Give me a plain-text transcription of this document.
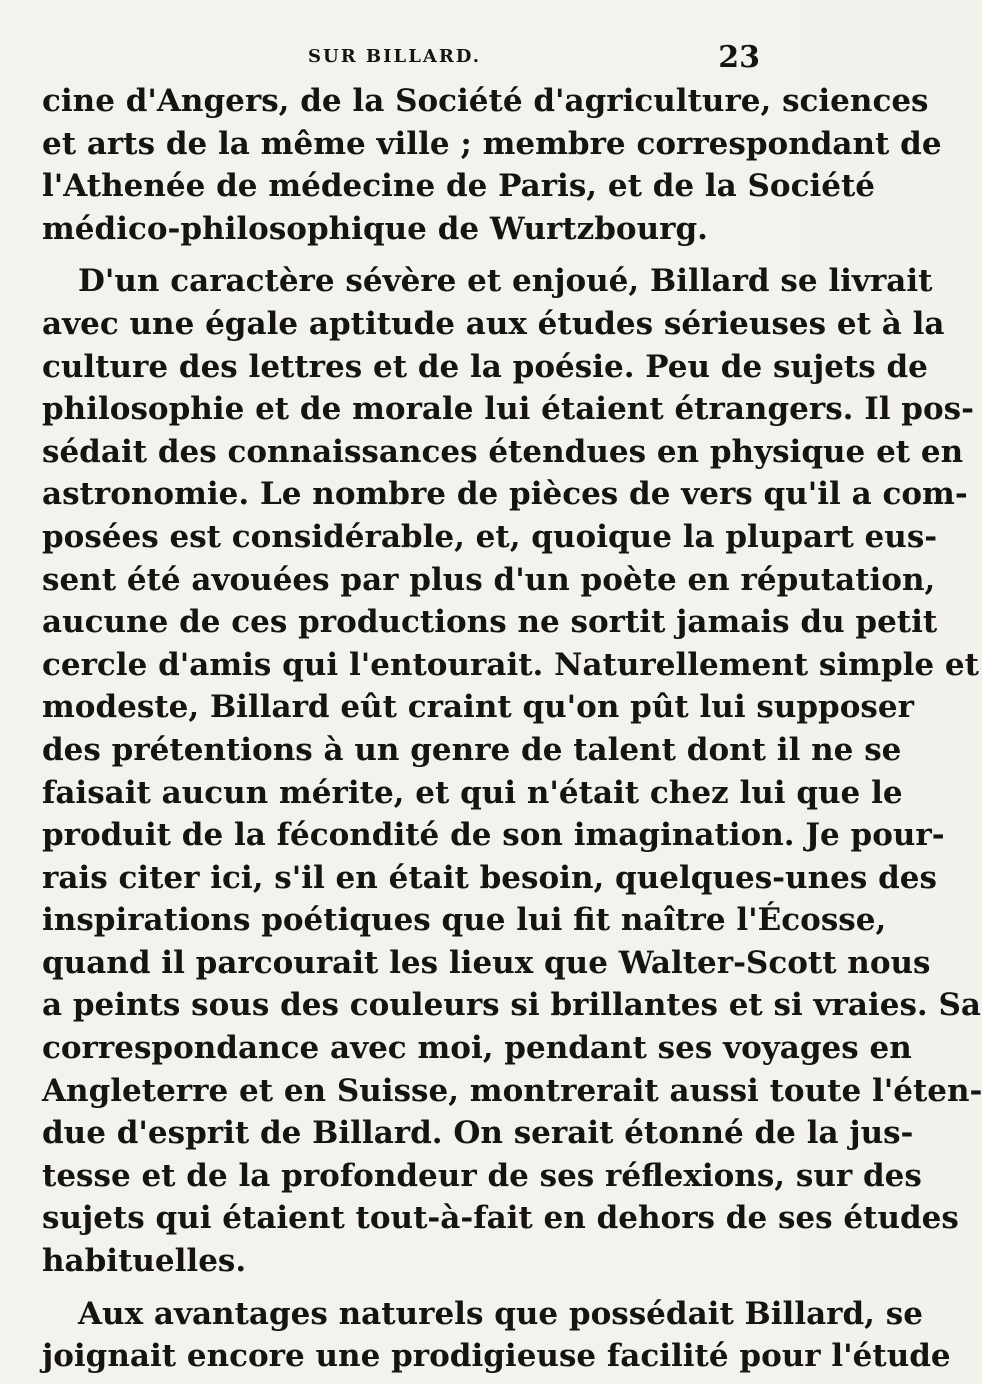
SUR BILLARD.	23
cine d'Angers, de la Société d'agriculture, sciences
et arts de la même ville ; membre correspondant de
l'Athenée de médecine de Paris, et de la Société
médico-philosophique de Wurtzbourg.
D'un caractère sévère et enjoué, Billard se livrait
avec une égale aptitude aux études sérieuses et à la
culture des lettres et de la poésie. Peu de sujets de
philosophie et de morale lui étaient étrangers. Il pos-
sédait des connaissances étendues en physique et en
astronomie. Le nombre de pièces de vers qu'il a com-
posées est considérable, et, quoique la plupart eus-
sent été avouées par plus d'un poète en réputation,
aucune de ces productions ne sortit jamais du petit
cercle d'amis qui l'entourait. Naturellement simple et
modeste, Billard eût craint qu'on pût lui supposer
des prétentions à un genre de talent dont il ne se
faisait aucun mérite, et qui n'était chez lui que le
produit de la fécondité de son imagination. Je pour-
rais citer ici, s'il en était besoin, quelques-unes des
inspirations poétiques que lui fit naître l'Écosse,
quand il parcourait les lieux que Walter-Scott nous
a peints sous des couleurs si brillantes et si vraies. Sa
correspondance avec moi, pendant ses voyages en
Angleterre et en Suisse, montrerait aussi toute l'éten-
due d'esprit de Billard. On serait étonné de la jus-
tesse et de la profondeur de ses réflexions, sur des
sujets qui étaient tout-à-fait en dehors de ses études
habituelles.
Aux avantages naturels que possédait Billard, se
joignait encore une prodigieuse facilité pour l'étude
